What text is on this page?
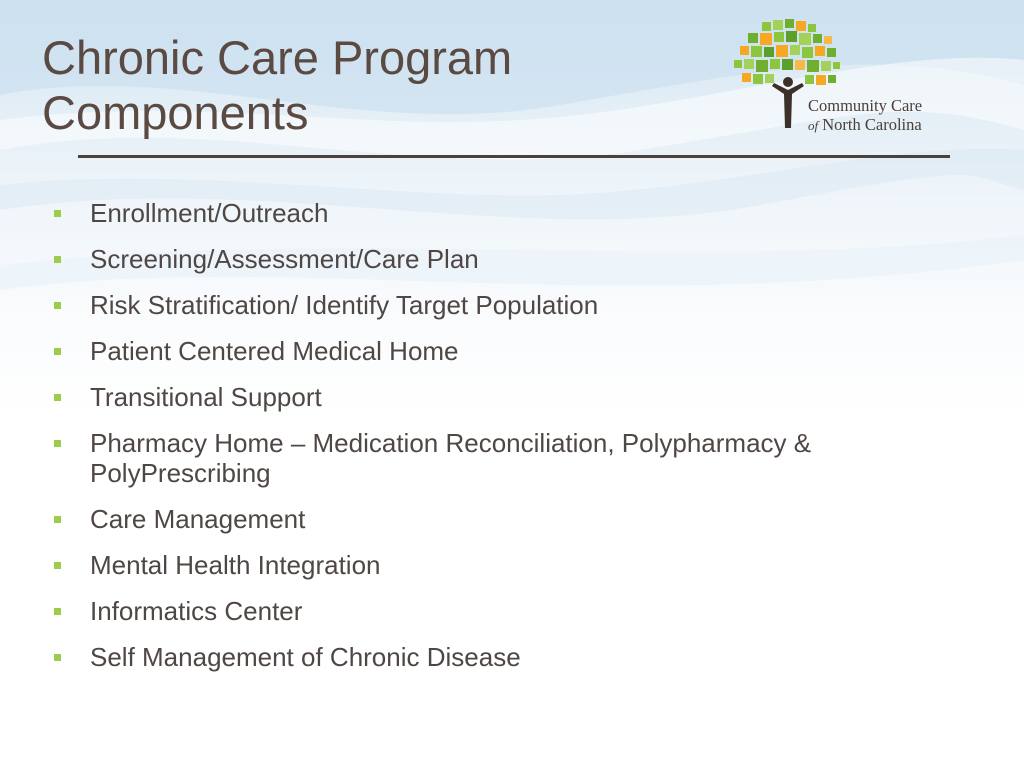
Chronic Care Program
Components	Community Care
of North Carolina
Enrollment/Outreach
Screening/Assessment/Care Plan
Risk Stratification/ Identify Target Population
Patient Centered Medical Home
Transitional Support
Pharmacy Home – Medication Reconciliation, Polypharmacy & PolyPrescribing
Care Management
Mental Health Integration
Informatics Center
Self Management of Chronic Disease
